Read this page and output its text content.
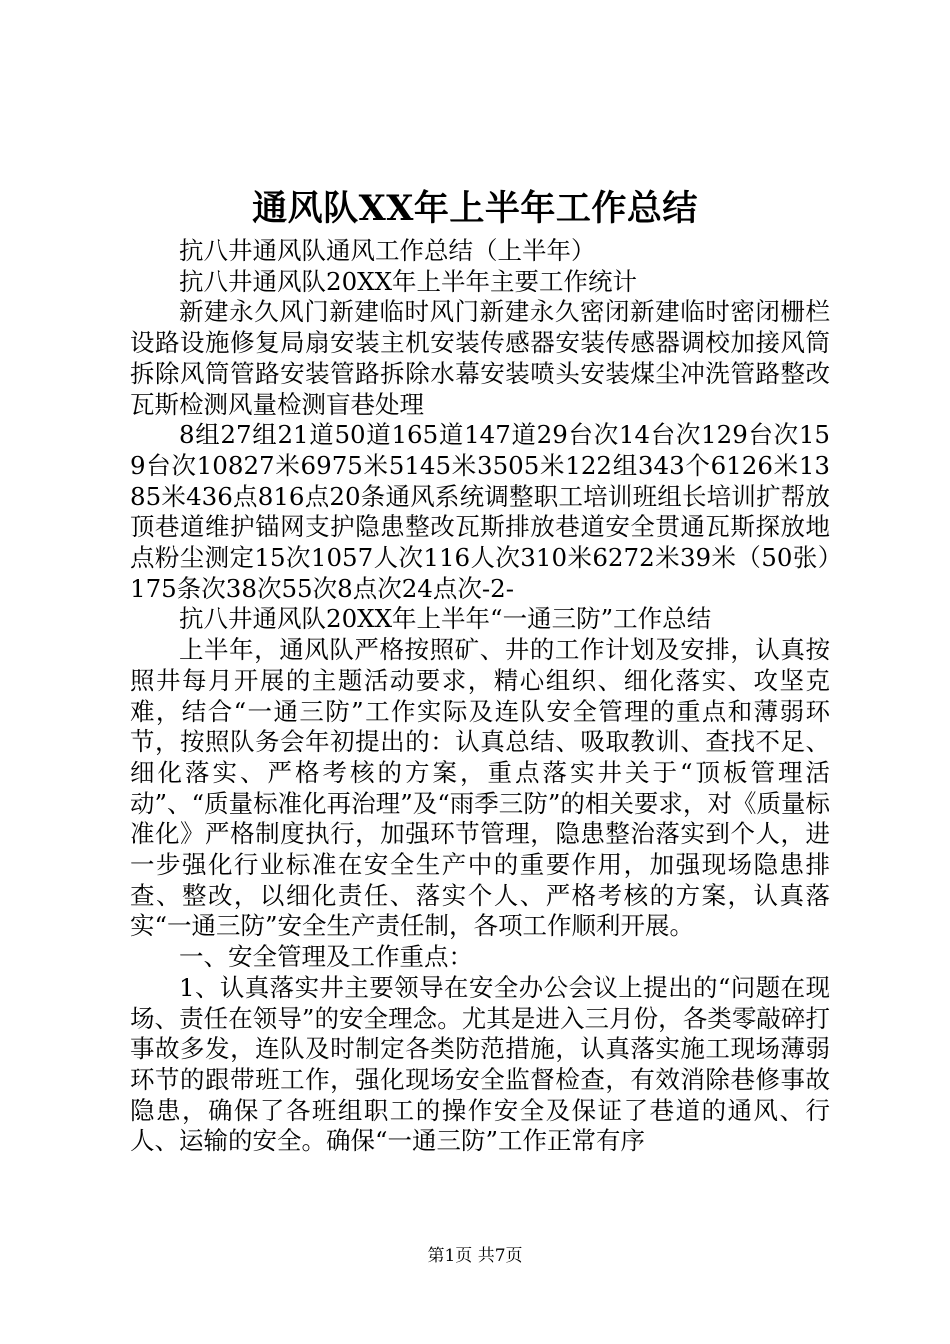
通风队XX年上半年工作总结

抗八井通风队通风工作总结（上半年）

抗八井通风队20XX年上半年主要工作统计

新建永久风门新建临时风门新建永久密闭新建临时密闭栅栏设路设施修复局扇安装主机安装传感器安装传感器调校加接风筒拆除风筒管路安装管路拆除水幕安装喷头安装煤尘冲洗管路整改瓦斯检测风量检测盲巷处理

8组27组21道50道165道147道29台次14台次129台次159台次10827米6975米5145米3505米122组343个6126米1385米436点816点20条通风系统调整职工培训班组长培训扩帮放顶巷道维护锚网支护隐患整改瓦斯排放巷道安全贯通瓦斯探放地点粉尘测定15次1057人次116人次310米6272米39米（50张）175条次38次55次8点次24点次-2-

抗八井通风队20XX年上半年“一通三防”工作总结

上半年，通风队严格按照矿、井的工作计划及安排，认真按照井每月开展的主题活动要求，精心组织、细化落实、攻坚克难，结合“一通三防”工作实际及连队安全管理的重点和薄弱环节，按照队务会年初提出的：认真总结、吸取教训、查找不足、细化落实、严格考核的方案，重点落实井关于“顶板管理活动”、“质量标准化再治理”及“雨季三防”的相关要求，对《质量标准化》严格制度执行，加强环节管理，隐患整治落实到个人，进一步强化行业标准在安全生产中的重要作用，加强现场隐患排查、整改，以细化责任、落实个人、严格考核的方案，认真落实“一通三防”安全生产责任制，各项工作顺利开展。

一、安全管理及工作重点：

1、认真落实井主要领导在安全办公会议上提出的“问题在现场、责任在领导”的安全理念。尤其是进入三月份，各类零敲碎打事故多发，连队及时制定各类防范措施，认真落实施工现场薄弱环节的跟带班工作，强化现场安全监督检查，有效消除巷修事故隐患，确保了各班组职工的操作安全及保证了巷道的通风、行人、运输的安全。确保“一通三防”工作正常有序

第1页 共7页
